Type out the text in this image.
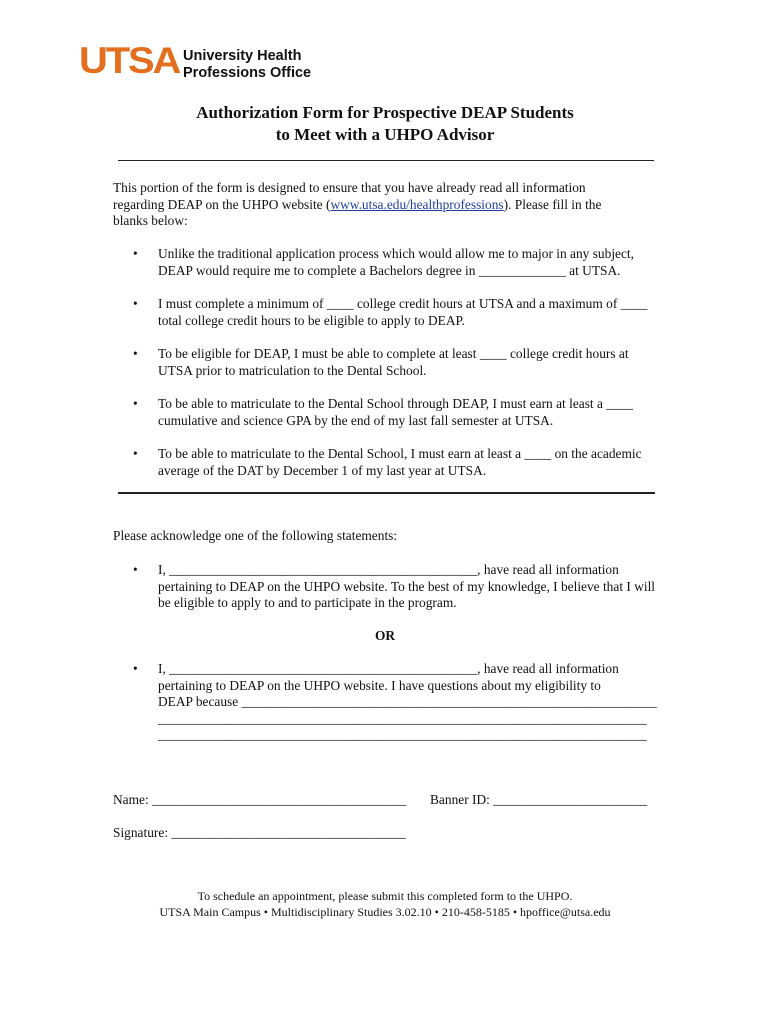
UTSA University Health
Professions Office
Authorization Form for Prospective DEAP Students
to Meet with a UHPO Advisor
This portion of the form is designed to ensure that you have already read all information regarding DEAP on the UHPO website (www.utsa.edu/healthprofessions). Please fill in the blanks below:
• Unlike the traditional application process which would allow me to major in any subject, DEAP would require me to complete a Bachelors degree in _____________ at UTSA.
• I must complete a minimum of ____ college credit hours at UTSA and a maximum of ____ total college credit hours to be eligible to apply to DEAP.
• To be eligible for DEAP, I must be able to complete at least ____ college credit hours at UTSA prior to matriculation to the Dental School.
• To be able to matriculate to the Dental School through DEAP, I must earn at least a ____ cumulative and science GPA by the end of my last fall semester at UTSA.
• To be able to matriculate to the Dental School, I must earn at least a ____ on the academic average of the DAT by December 1 of my last year at UTSA.
Please acknowledge one of the following statements:
• I, ______________________________________________, have read all information pertaining to DEAP on the UHPO website. To the best of my knowledge, I believe that I will be eligible to apply to and to participate in the program.
OR
• I, ______________________________________________, have read all information
pertaining to DEAP on the UHPO website. I have questions about my eligibility to
DEAP because ______________________________________________________________
_________________________________________________________________________
_________________________________________________________________________
Name: ______________________________________	Banner ID: _______________________
Signature: ___________________________________
To schedule an appointment, please submit this completed form to the UHPO.
UTSA Main Campus • Multidisciplinary Studies 3.02.10 • 210-458-5185 • hpoffice@utsa.edu
